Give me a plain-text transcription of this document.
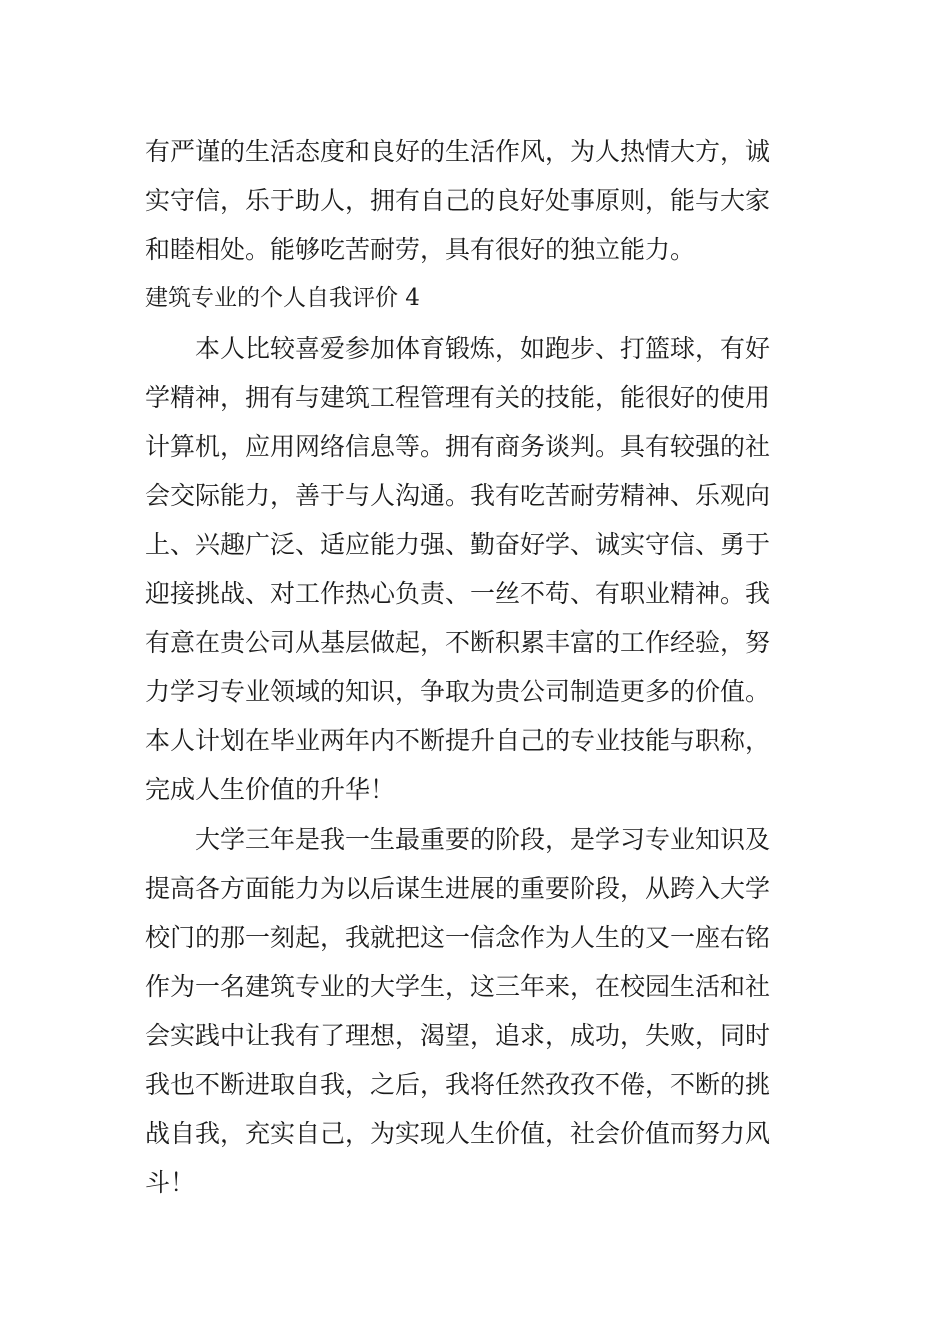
有严谨的生活态度和良好的生活作风，为人热情大方，诚
实守信，乐于助人，拥有自己的良好处事原则，能与大家
和睦相处。能够吃苦耐劳，具有很好的独立能力。
建筑专业的个人自我评价 4
　　本人比较喜爱参加体育锻炼，如跑步、打篮球，有好
学精神，拥有与建筑工程管理有关的技能，能很好的使用
计算机，应用网络信息等。拥有商务谈判。具有较强的社
会交际能力，善于与人沟通。我有吃苦耐劳精神、乐观向
上、兴趣广泛、适应能力强、勤奋好学、诚实守信、勇于
迎接挑战、对工作热心负责、一丝不苟、有职业精神。我
有意在贵公司从基层做起，不断积累丰富的工作经验，努
力学习专业领域的知识，争取为贵公司制造更多的价值。
本人计划在毕业两年内不断提升自己的专业技能与职称，
完成人生价值的升华！
　　大学三年是我一生最重要的阶段，是学习专业知识及
提高各方面能力为以后谋生进展的重要阶段，从跨入大学
校门的那一刻起，我就把这一信念作为人生的又一座右铭
作为一名建筑专业的大学生，这三年来，在校园生活和社
会实践中让我有了理想，渴望，追求，成功，失败，同时
我也不断进取自我，之后，我将任然孜孜不倦，不断的挑
战自我，充实自己，为实现人生价值，社会价值而努力风
斗！
